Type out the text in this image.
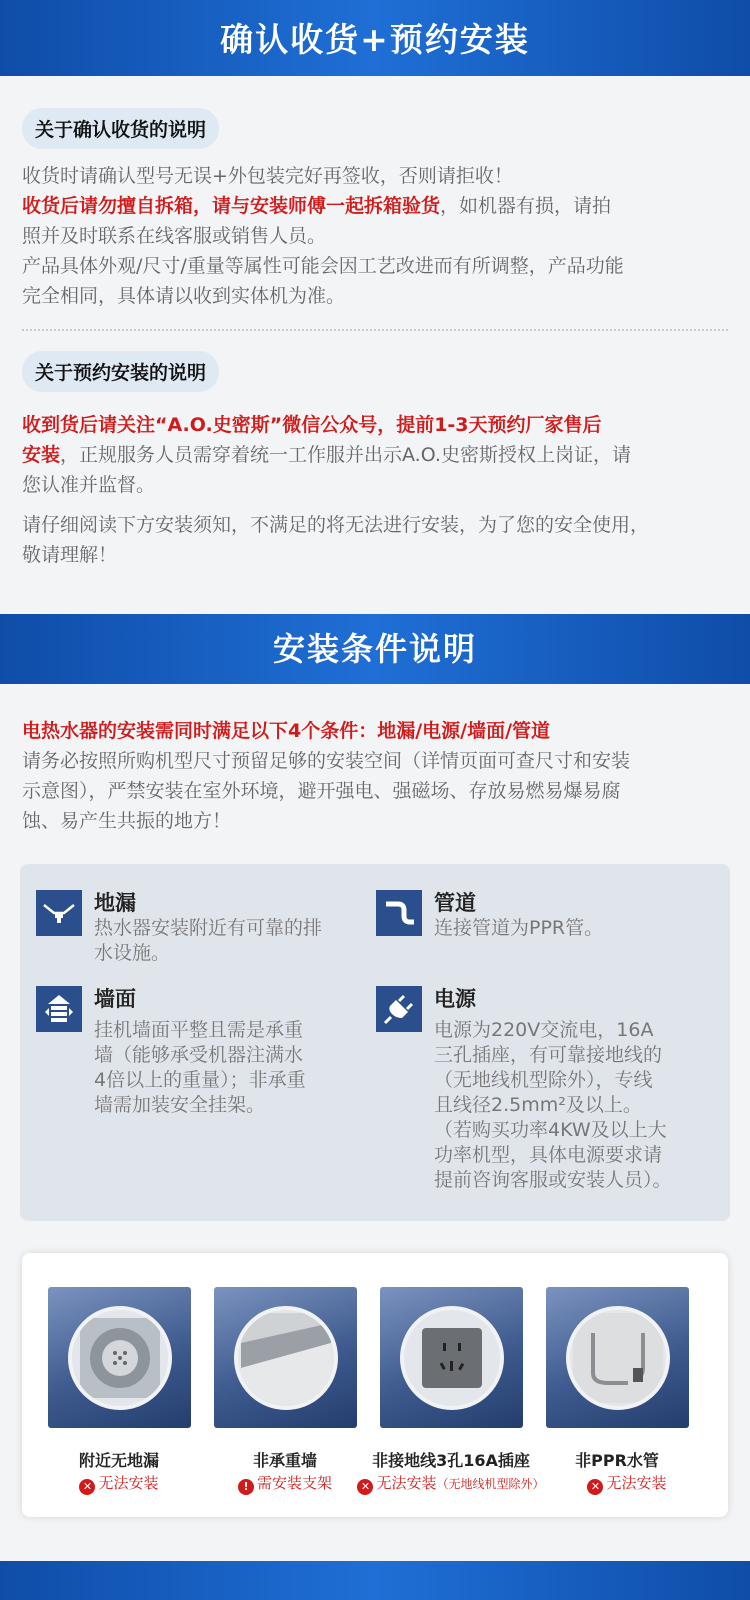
确认收货+预约安装
关于确认收货的说明
收货时请确认型号无误+外包装完好再签收，否则请拒收！
收货后请勿擅自拆箱，请与安装师傅一起拆箱验货，如机器有损，请拍
照并及时联系在线客服或销售人员。
产品具体外观/尺寸/重量等属性可能会因工艺改进而有所调整，产品功能
完全相同，具体请以收到实体机为准。
关于预约安装的说明
收到货后请关注“A.O.史密斯”微信公众号，提前1-3天预约厂家售后
安装，正规服务人员需穿着统一工作服并出示A.O.史密斯授权上岗证，请
您认准并监督。
请仔细阅读下方安装须知，不满足的将无法进行安装，为了您的安全使用，
敬请理解！
安装条件说明
电热水器的安装需同时满足以下4个条件：地漏/电源/墙面/管道
请务必按照所购机型尺寸预留足够的安装空间（详情页面可查尺寸和安装
示意图），严禁安装在室外环境，避开强电、强磁场、存放易燃易爆易腐
蚀、易产生共振的地方！
地漏
热水器安装附近有可靠的排
水设施。
管道
连接管道为PPR管。
墙面
挂机墙面平整且需是承重
墙（能够承受机器注满水
4倍以上的重量）；非承重
墙需加装安全挂架。
电源
电源为220V交流电，16A
三孔插座，有可靠接地线的
（无地线机型除外），专线
且线径2.5mm²及以上。
（若购买功率4KW及以上大
功率机型，具体电源要求请
提前咨询客服或安装人员）。
附近无地漏	非承重墙	非接地线3孔16A插座	非PPR水管
✕ 无法安装	! 需安装支架	✕ 无法安装（无地线机型除外）	✕ 无法安装
